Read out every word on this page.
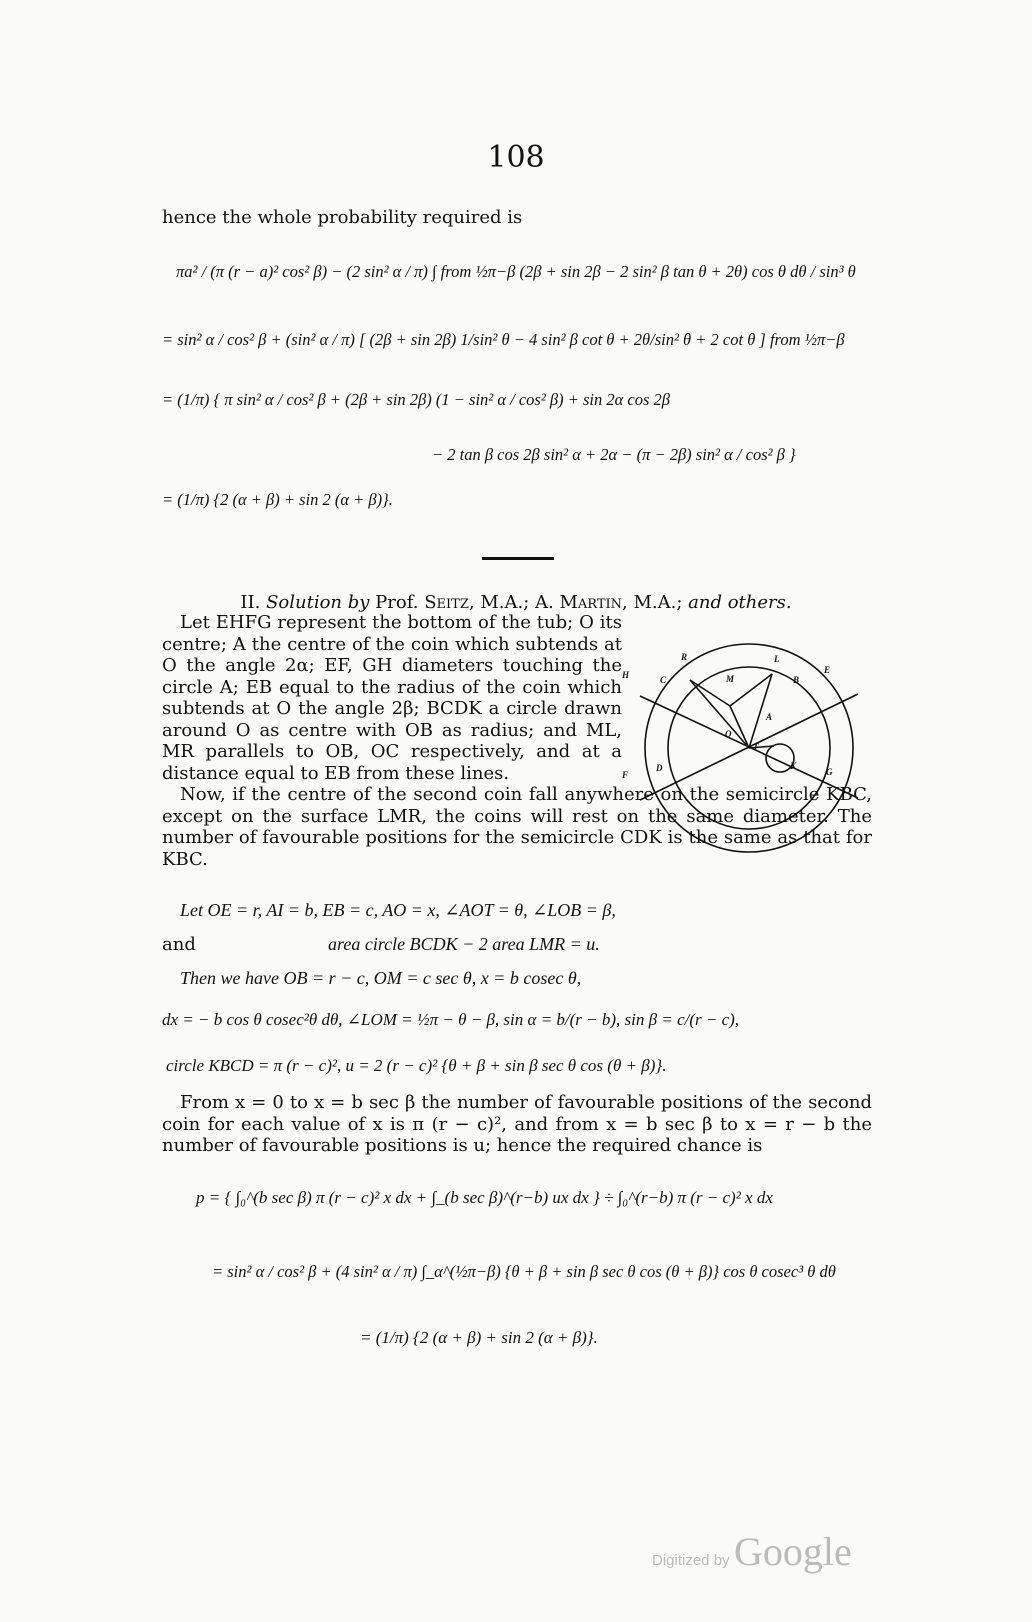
108
hence the whole probability required is
πa² / (π (r − a)² cos² β) − (2 sin² α / π) ∫ from ½π−β (2β + sin 2β − 2 sin² β tan θ + 2θ) cos θ dθ / sin³ θ
= sin² α / cos² β + (sin² α / π) [ (2β + sin 2β) 1/sin² θ − 4 sin² β cot θ + 2θ/sin² θ + 2 cot θ ] from ½π−β
= (1/π) { π sin² α / cos² β + (2β + sin 2β) (1 − sin² α / cos² β) + sin 2α cos 2β
− 2 tan β cos 2β sin² α + 2α − (π − 2β) sin² α / cos² β }
= (1/π) {2 (α + β) + sin 2 (α + β)}.
II. Solution by Prof. Seitz, M.A.; A. Martin, M.A.; and others.
Let EHFG represent the bottom of the tub; O its centre; A the centre of the coin which subtends at O the angle 2α; EF, GH diameters touching the circle A; EB equal to the radius of the coin which subtends at O the angle 2β; BCDK a circle drawn around O as centre with OB as radius; and ML, MR parallels to OB, OC respectively, and at a distance equal to EB from these lines.
Now, if the centre of the second coin fall anywhere on the semicircle KBC, except on the surface LMR, the coins will rest on the same diameter. The number of favourable positions for the semicircle CDK is the same as that for KBC.
H
R	L
E
C	M	B
A
O
T
F
D	K
G
Let OE = r, AI = b, EB = c, AO = x, ∠AOT = θ, ∠LOB = β,
and	area circle BCDK − 2 area LMR = u.
Then we have OB = r − c, OM = c sec θ, x = b cosec θ,
dx = − b cos θ cosec²θ dθ, ∠LOM = ½π − θ − β, sin α = b/(r − b), sin β = c/(r − c),
circle KBCD = π (r − c)², u = 2 (r − c)² {θ + β + sin β sec θ cos (θ + β)}.
From x = 0 to x = b sec β the number of favourable positions of the second coin for each value of x is π (r − c)², and from x = b sec β to x = r − b the number of favourable positions is u; hence the required chance is
p = { ∫₀^(b sec β) π (r − c)² x dx + ∫_(b sec β)^(r−b) ux dx } ÷ ∫₀^(r−b) π (r − c)² x dx
= sin² α / cos² β + (4 sin² α / π) ∫_α^(½π−β) {θ + β + sin β sec θ cos (θ + β)} cos θ cosec³ θ dθ
= (1/π) {2 (α + β) + sin 2 (α + β)}.
Digitized by Google
